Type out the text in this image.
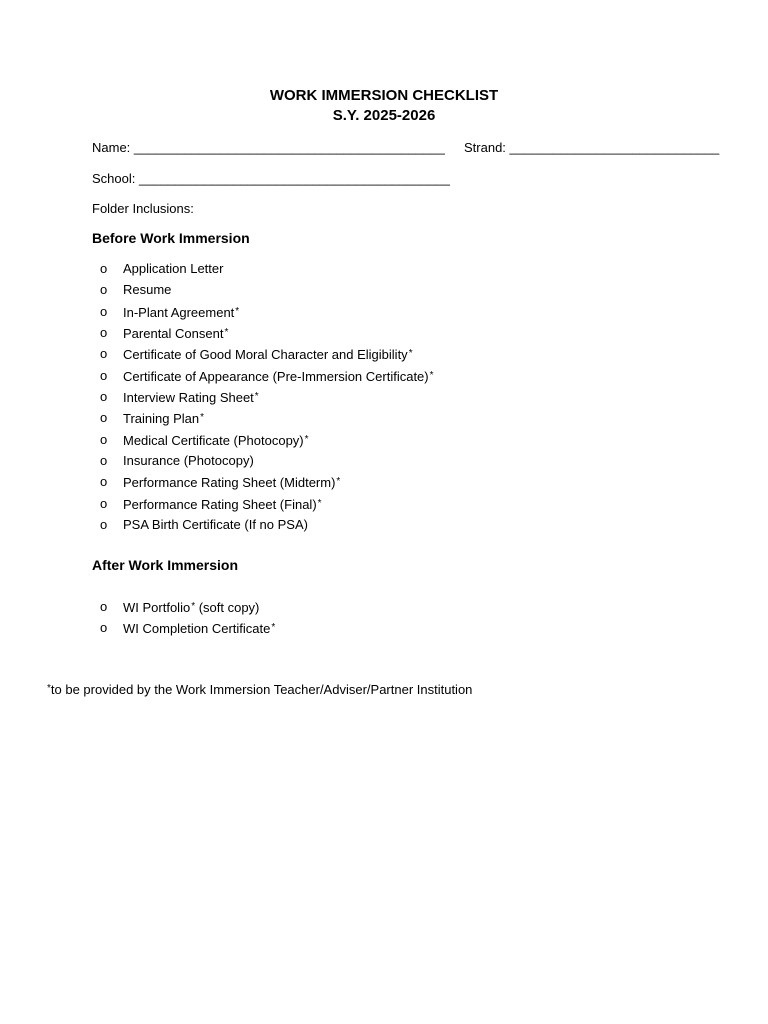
WORK IMMERSION CHECKLIST
S.Y. 2025-2026
Name: ___________________________________________ Strand: _____________________________
School: ___________________________________________
Folder Inclusions:
Before Work Immersion
o Application Letter
o Resume
o In-Plant Agreement*
o Parental Consent*
o Certificate of Good Moral Character and Eligibility*
o Certificate of Appearance (Pre-Immersion Certificate)*
o Interview Rating Sheet*
o Training Plan*
o Medical Certificate (Photocopy)*
o Insurance (Photocopy)
o Performance Rating Sheet (Midterm)*
o Performance Rating Sheet (Final)*
o PSA Birth Certificate (If no PSA)
After Work Immersion
o WI Portfolio* (soft copy)
o WI Completion Certificate*
*to be provided by the Work Immersion Teacher/Adviser/Partner Institution
